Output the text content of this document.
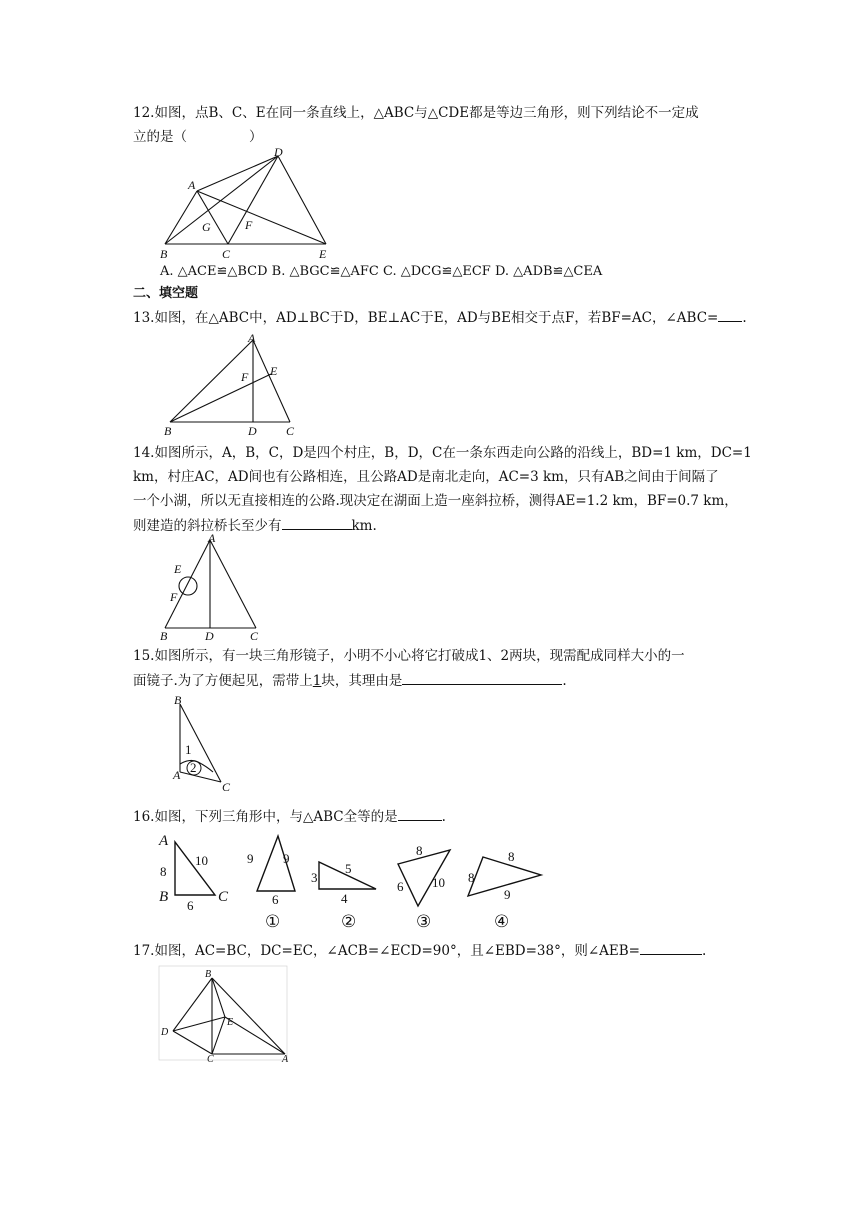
12.如图，点B、C、E在同一条直线上，△ABC与△CDE都是等边三角形，则下列结论不一定成
立的是（	）
D
A
G	F
B	C	E
A. △ACE≌△BCD B. △BGC≌△AFC C. △DCG≌△ECF D. △ADB≌△CEA
二、填空题
13.如图，在△ABC中，AD⊥BC于D，BE⊥AC于E，AD与BE相交于点F，若BF=AC，∠ABC= .
A
E
F
B	D C
14.如图所示，A，B，C，D是四个村庄，B，D，C在一条东西走向公路的沿线上，BD=1 km，DC=1
km，村庄AC，AD间也有公路相连，且公路AD是南北走向，AC=3 km，只有AB之间由于间隔了
一个小湖，所以无直接相连的公路.现决定在湖面上造一座斜拉桥，测得AE=1.2 km，BF=0.7 km，
则建造的斜拉桥长至少有	km.
A
E
F
B	D	C
15.如图所示，有一块三角形镜子，小明不小心将它打破成1、2两块，现需配成同样大小的一
面镜子.为了方便起见，需带上1块，其理由是	.
B
1
2
A
C
16.如图，下列三角形中，与△ABC全等的是	.
A
B	C
8
10
6
9 9
6
①
3
5
4
②
8
6 10
③
8
8
9
④
17.如图，AC=BC，DC=EC，∠ACB=∠ECD=90°，且∠EBD=38°，则∠AEB=	.
B
E
D
C	A
